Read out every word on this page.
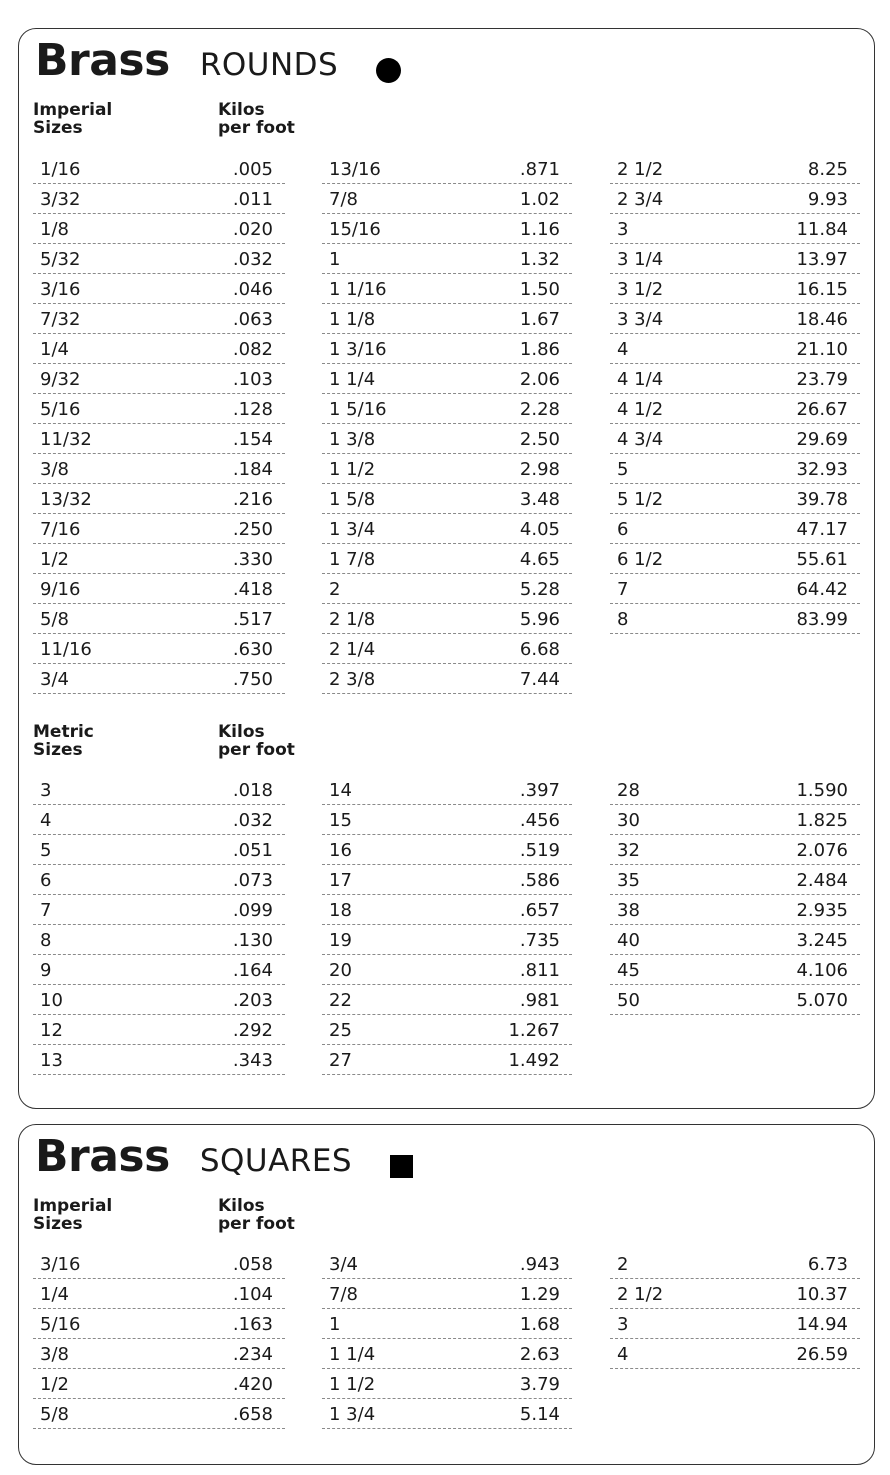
Brass ROUNDS
Imperial
Sizes
Kilos
per foot
1/16	.005
3/32	.011
1/8	.020
5/32	.032
3/16	.046
7/32	.063
1/4	.082
9/32	.103
5/16	.128
11/32	.154
3/8	.184
13/32	.216
7/16	.250
1/2	.330
9/16	.418
5/8	.517
11/16	.630
3/4	.750
13/16	.871
7/8	1.02
15/16	1.16
1	1.32
1 1/16	1.50
1 1/8	1.67
1 3/16	1.86
1 1/4	2.06
1 5/16	2.28
1 3/8	2.50
1 1/2	2.98
1 5/8	3.48
1 3/4	4.05
1 7/8	4.65
2	5.28
2 1/8	5.96
2 1/4	6.68
2 3/8	7.44
2 1/2	8.25
2 3/4	9.93
3	11.84
3 1/4	13.97
3 1/2	16.15
3 3/4	18.46
4	21.10
4 1/4	23.79
4 1/2	26.67
4 3/4	29.69
5	32.93
5 1/2	39.78
6	47.17
6 1/2	55.61
7	64.42
8	83.99
Metric
Sizes
Kilos
per foot
3	.018
4	.032
5	.051
6	.073
7	.099
8	.130
9	.164
10	.203
12	.292
13	.343
14	.397
15	.456
16	.519
17	.586
18	.657
19	.735
20	.811
22	.981
25	1.267
27	1.492
28	1.590
30	1.825
32	2.076
35	2.484
38	2.935
40	3.245
45	4.106
50	5.070
Brass SQUARES
Imperial
Sizes
Kilos
per foot
3/16	.058
1/4	.104
5/16	.163
3/8	.234
1/2	.420
5/8	.658
3/4	.943
7/8	1.29
1	1.68
1 1/4	2.63
1 1/2	3.79
1 3/4	5.14
2	6.73
2 1/2	10.37
3	14.94
4	26.59
